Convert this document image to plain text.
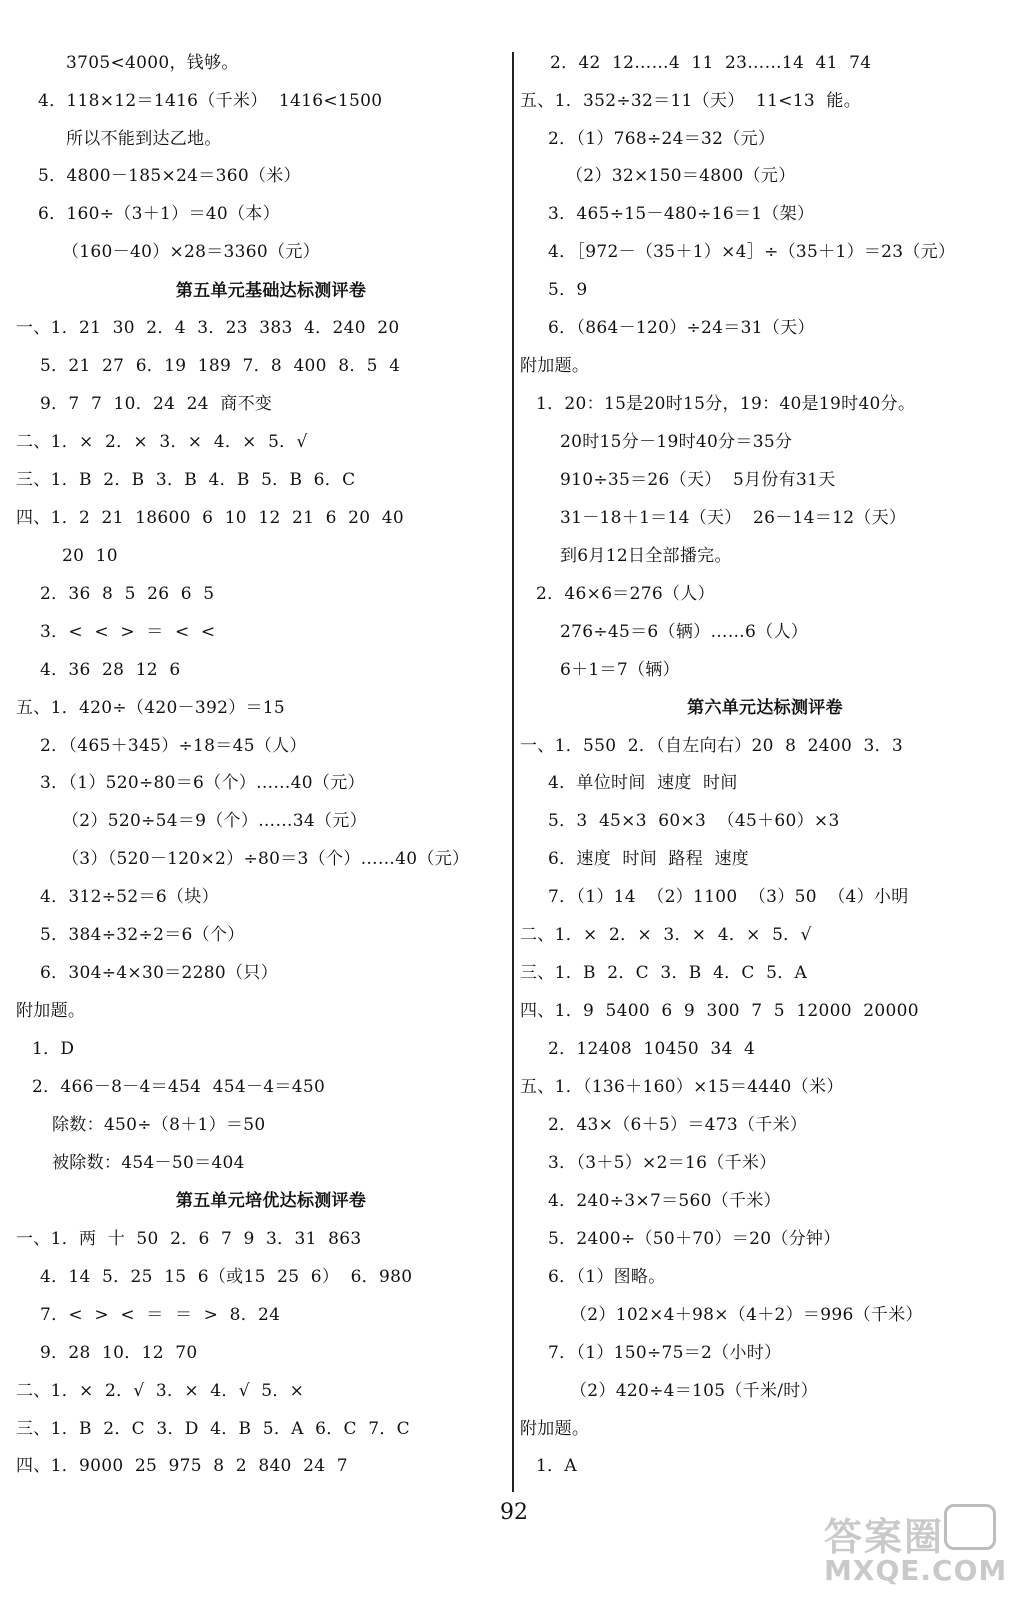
3705<4000，钱够。
4．118×12＝1416（千米）  1416<1500
所以不能到达乙地。
5．4800－185×24＝360（米）
6．160÷（3＋1）＝40（本）
（160－40）×28＝3360（元）
第五单元基础达标测评卷
一、1．21  30  2．4  3．23  383  4．240  20
5．21  27  6．19  189  7．8  400  8．5  4
9．7  7  10．24  24  商不变
二、1．×  2．×  3．×  4．×  5．√
三、1．B  2．B  3．B  4．B  5．B  6．C
四、1．2  21  18600  6  10  12  21  6  20  40
20  10
2．36  8  5  26  6  5
3．<  <  >  ＝  <  <
4．36  28  12  6
五、1．420÷（420－392）＝15
2．（465＋345）÷18＝45（人）
3．（1）520÷80＝6（个）……40（元）
（2）520÷54＝9（个）……34（元）
（3）（520－120×2）÷80＝3（个）……40（元）
4．312÷52＝6（块）
5．384÷32÷2＝6（个）
6．304÷4×30＝2280（只）
附加题。
1．D
2．466－8－4＝454  454－4＝450
除数：450÷（8＋1）＝50
被除数：454－50＝404
第五单元培优达标测评卷
一、1．两  十  50  2．6  7  9  3．31  863
4．14  5．25  15  6（或15  25  6）  6．980
7．<  >  <  ＝  ＝  >  8．24
9．28  10．12  70
二、1．×  2．√  3．×  4．√  5．×
三、1．B  2．C  3．D  4．B  5．A  6．C  7．C
四、1．9000  25  975  8  2  840  24  7
2．42  12……4  11  23……14  41  74
五、1．352÷32＝11（天）  11<13  能。
2．（1）768÷24＝32（元）
（2）32×150＝4800（元）
3．465÷15－480÷16＝1（架）
4．［972－（35＋1）×4］÷（35＋1）＝23（元）
5．9
6．（864－120）÷24＝31（天）
附加题。
1．20：15是20时15分，19：40是19时40分。
20时15分－19时40分＝35分
910÷35＝26（天）  5月份有31天
31－18＋1＝14（天）  26－14＝12（天）
到6月12日全部播完。
2．46×6＝276（人）
276÷45＝6（辆）……6（人）
6＋1＝7（辆）
第六单元达标测评卷
一、1．550  2．（自左向右）20  8  2400  3．3
4．单位时间  速度  时间
5．3  45×3  60×3  （45＋60）×3
6．速度  时间  路程  速度
7．（1）14  （2）1100  （3）50  （4）小明
二、1．×  2．×  3．×  4．×  5．√
三、1．B  2．C  3．B  4．C  5．A
四、1．9  5400  6  9  300  7  5  12000  20000
2．12408  10450  34  4
五、1．（136＋160）×15＝4440（米）
2．43×（6＋5）＝473（千米）
3．（3＋5）×2＝16（千米）
4．240÷3×7＝560（千米）
5．2400÷（50＋70）＝20（分钟）
6．（1）图略。
（2）102×4＋98×（4＋2）＝996（千米）
7．（1）150÷75＝2（小时）
（2）420÷4＝105（千米/时）
附加题。
1．A
92
答案圈
MXQE.COM
